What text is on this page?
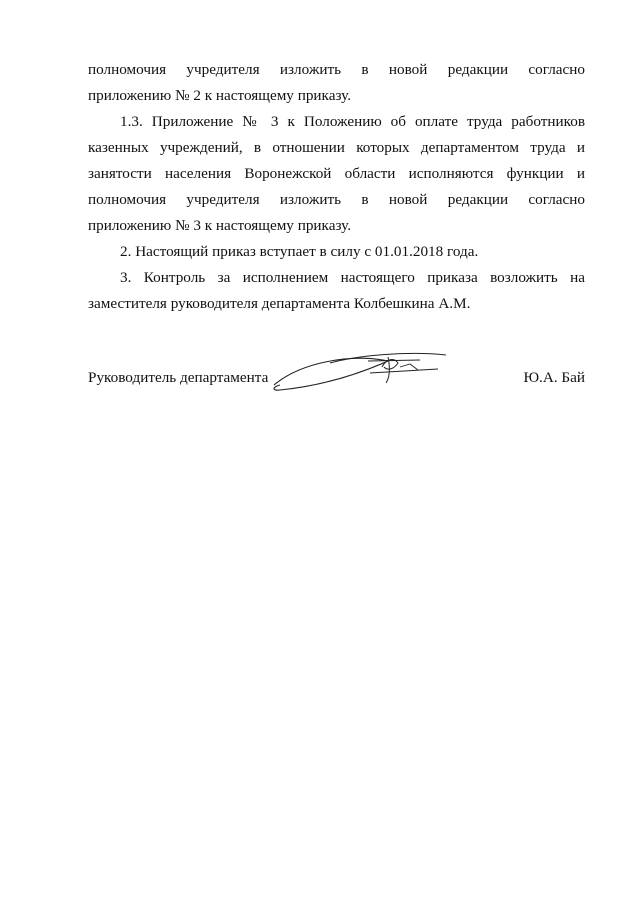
полномочия учредителя изложить в новой редакции согласно
приложению № 2 к настоящему приказу.
1.3. Приложение № 3 к Положению об оплате труда работников
казенных учреждений, в отношении которых департаментом труда и
занятости населения Воронежской области исполняются функции и
полномочия учредителя изложить в новой редакции согласно
приложению № 3 к настоящему приказу.
2. Настоящий приказ вступает в силу с 01.01.2018 года.
3. Контроль за исполнением настоящего приказа возложить на
заместителя руководителя департамента Колбешкина А.М.
Руководитель департамента	Ю.А. Бай
